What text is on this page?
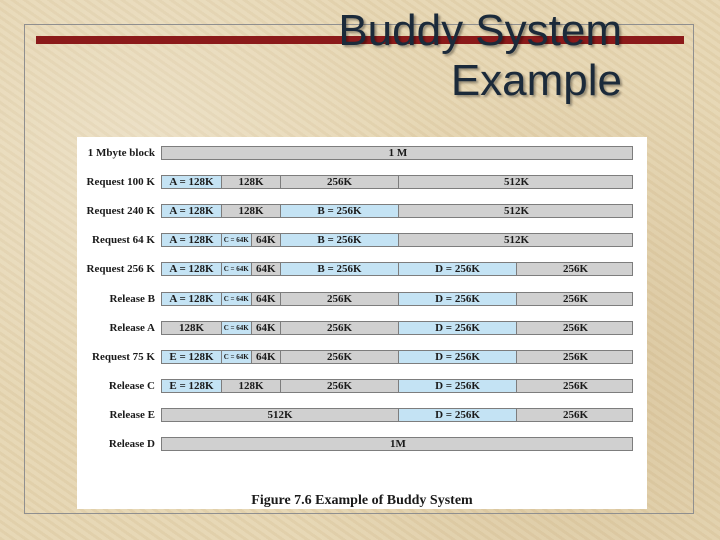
Buddy System
Example
Figure 7.6 Example of Buddy System
1 Mbyte block	1 M
Request 100 K	A = 128K	128K	256K	512K
Request 240 K	A = 128K	128K	B = 256K	512K
Request 64 K	A = 128K	C = 64K 64K	B = 256K	512K
Request 256 K	A = 128K	C = 64K 64K	B = 256K	D = 256K	256K
Release B	A = 128K	C = 64K 64K	256K	D = 256K	256K
Release A	128K	C = 64K 64K	256K	D = 256K	256K
Request 75 K	E = 128K	C = 64K 64K	256K	D = 256K	256K
Release C	E = 128K	128K	256K	D = 256K	256K
Release E	512K	D = 256K	256K
Release D	1M
